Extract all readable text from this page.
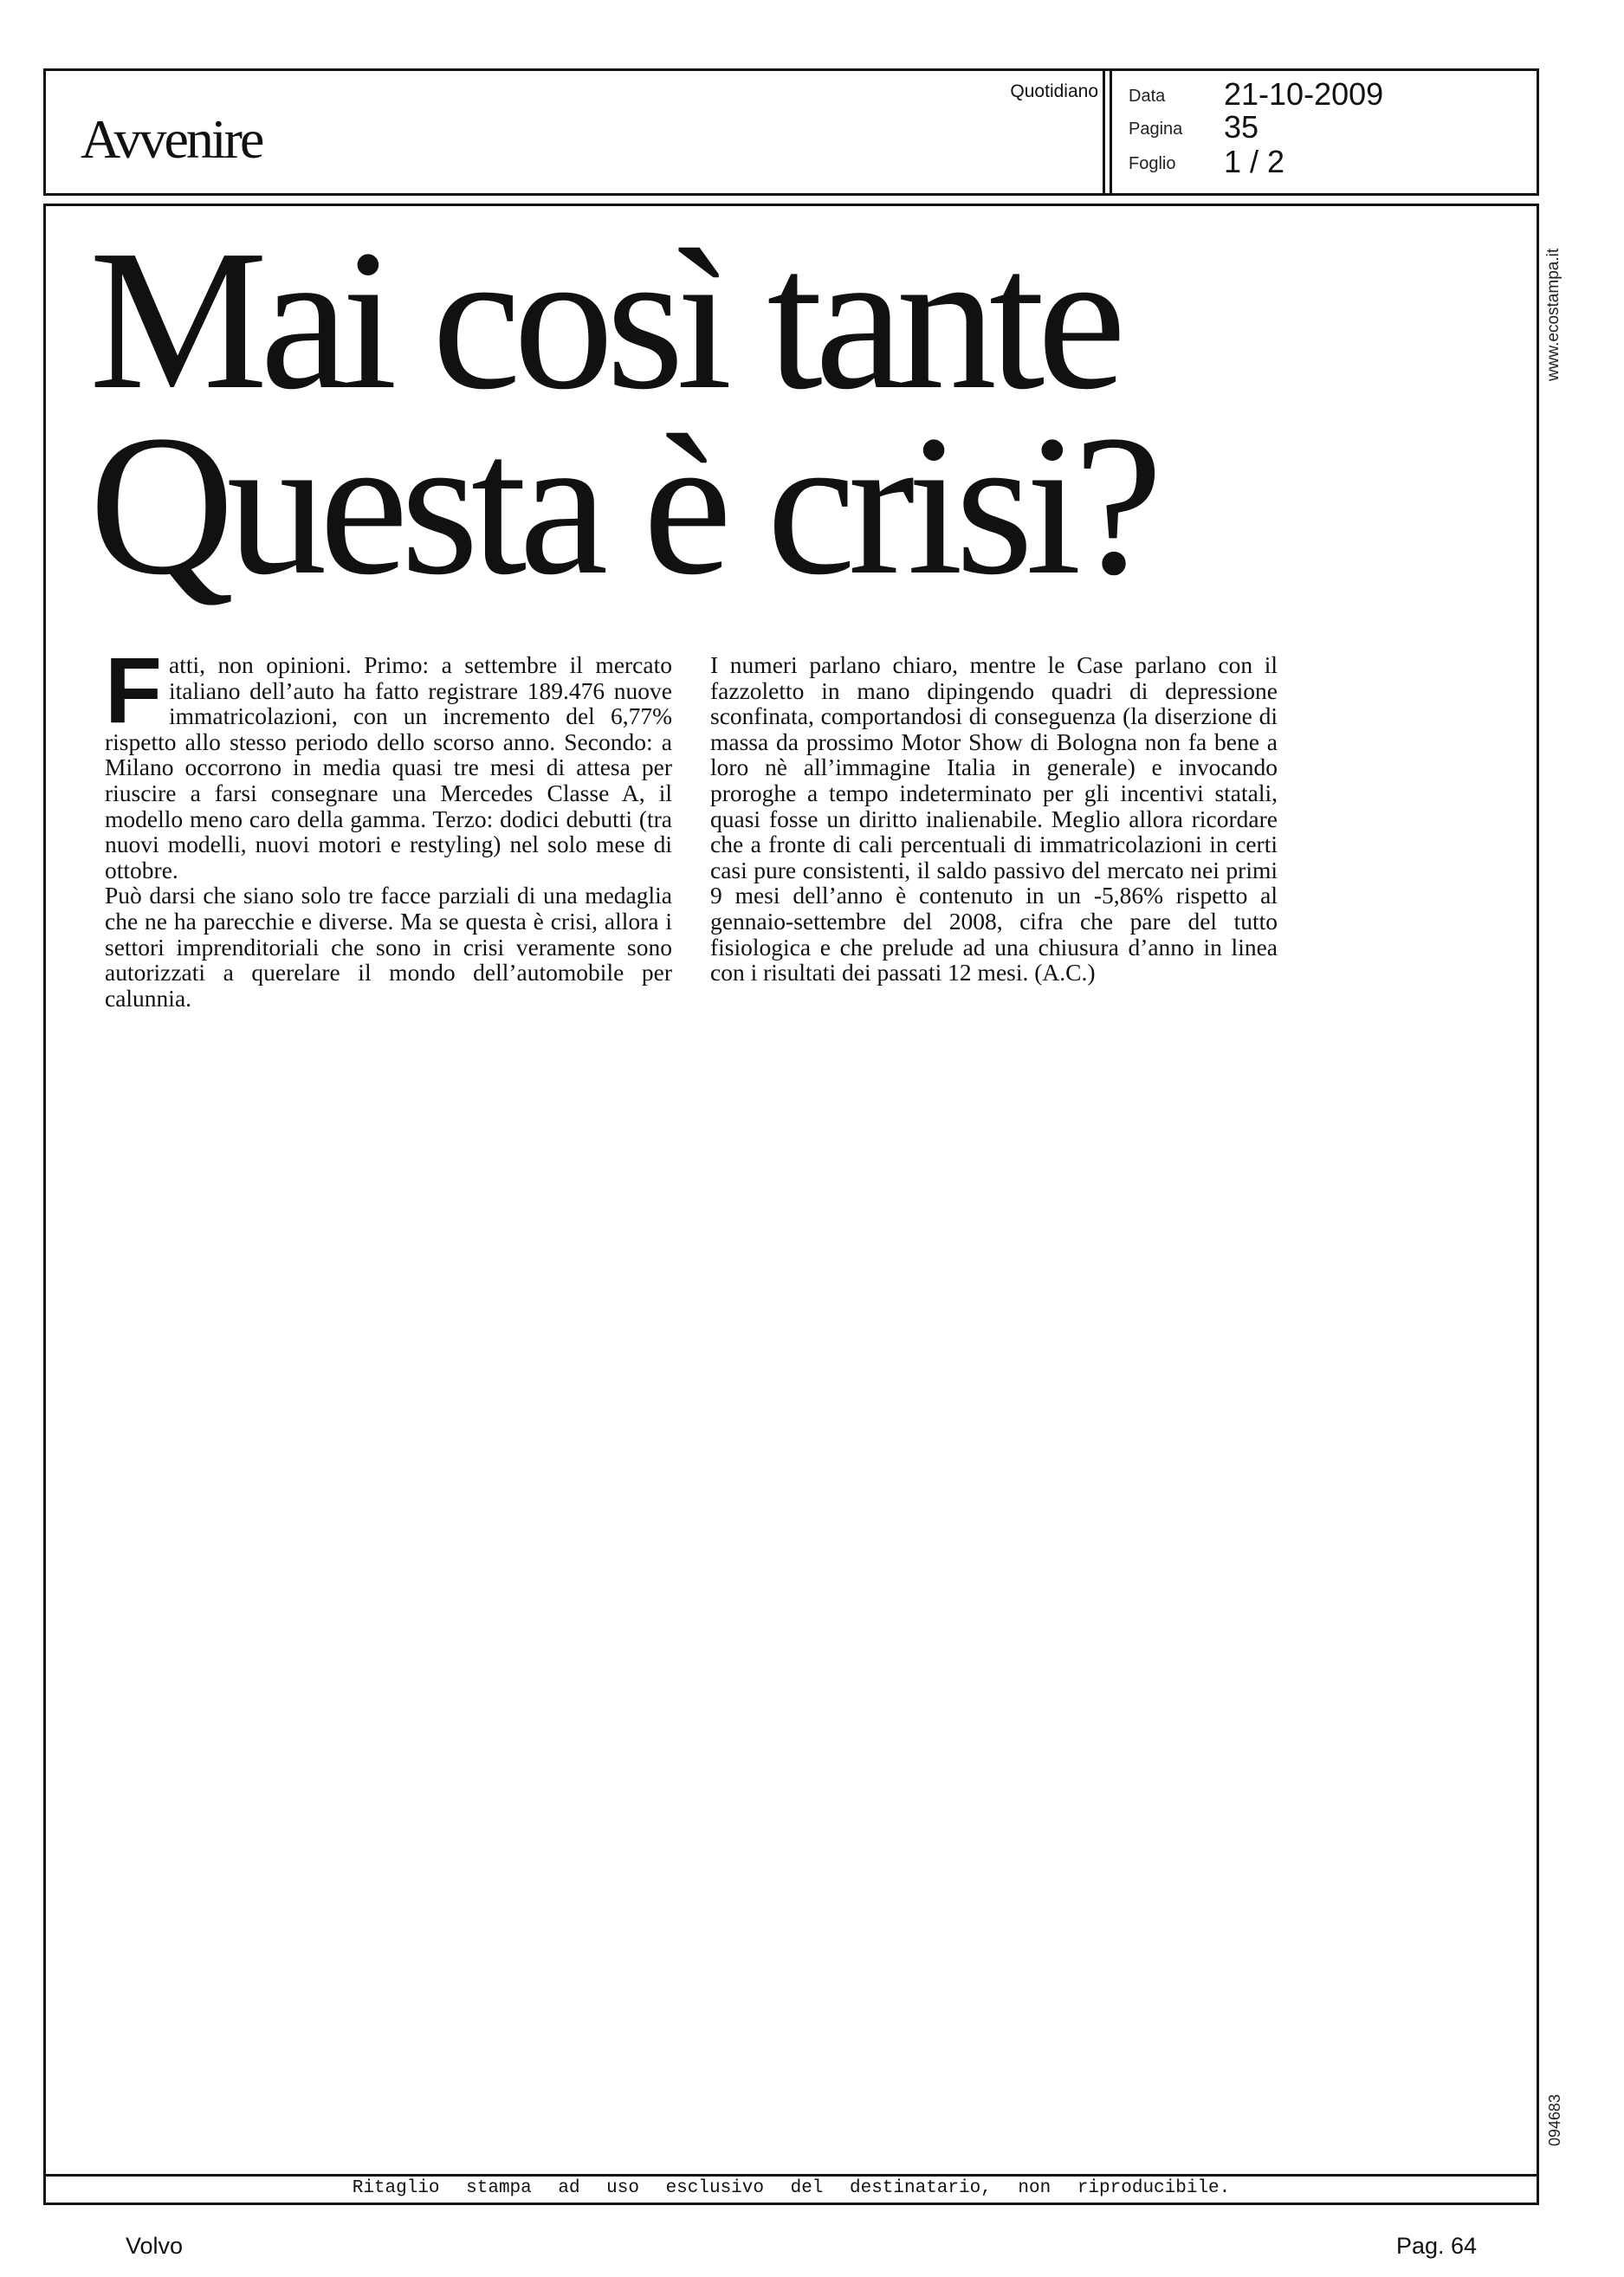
Avvenire
Quotidiano Data 21-10-2009
Pagina 35
Foglio 1 / 2
Mai così tante
Questa è crisi?
F atti, non opinioni. Primo: a settembre il mercato italiano dell’auto ha fatto registrare 189.476 nuove immatricolazioni, con un incremento del 6,77% rispetto allo stesso periodo dello scorso anno. Secondo: a Milano occorrono in media quasi tre mesi di attesa per riuscire a farsi consegnare una Mercedes Classe A, il modello meno caro della gamma. Terzo: dodici debutti (tra nuovi modelli, nuovi motori e restyling) nel solo mese di ottobre.

Può darsi che siano solo tre facce parziali di una medaglia che ne ha parecchie e diverse. Ma se questa è crisi, allora i settori imprenditoriali che sono in crisi veramente sono autorizzati a querelare il mondo dell’automobile per calunnia.

I numeri parlano chiaro, mentre le Case parlano con il fazzoletto in mano dipingendo quadri di depressione sconfinata, comportandosi di conseguenza (la diserzione di massa da prossimo Motor Show di Bologna non fa bene a loro nè all’immagine Italia in generale) e invocando proroghe a tempo indeterminato per gli incentivi statali, quasi fosse un diritto inalienabile. Meglio allora ricordare che a fronte di cali percentuali di immatricolazioni in certi casi pure consistenti, il saldo passivo del mercato nei primi 9 mesi dell’anno è contenuto in un -5,86% rispetto al gennaio-settembre del 2008, cifra che pare del tutto fisiologica e che prelude ad una chiusura d’anno in linea con i risultati dei passati 12 mesi. (A.C.)

Ritaglio stampa ad uso esclusivo del destinatario, non riproducibile.
www.ecostampa.it
094683
Volvo	Pag. 64
